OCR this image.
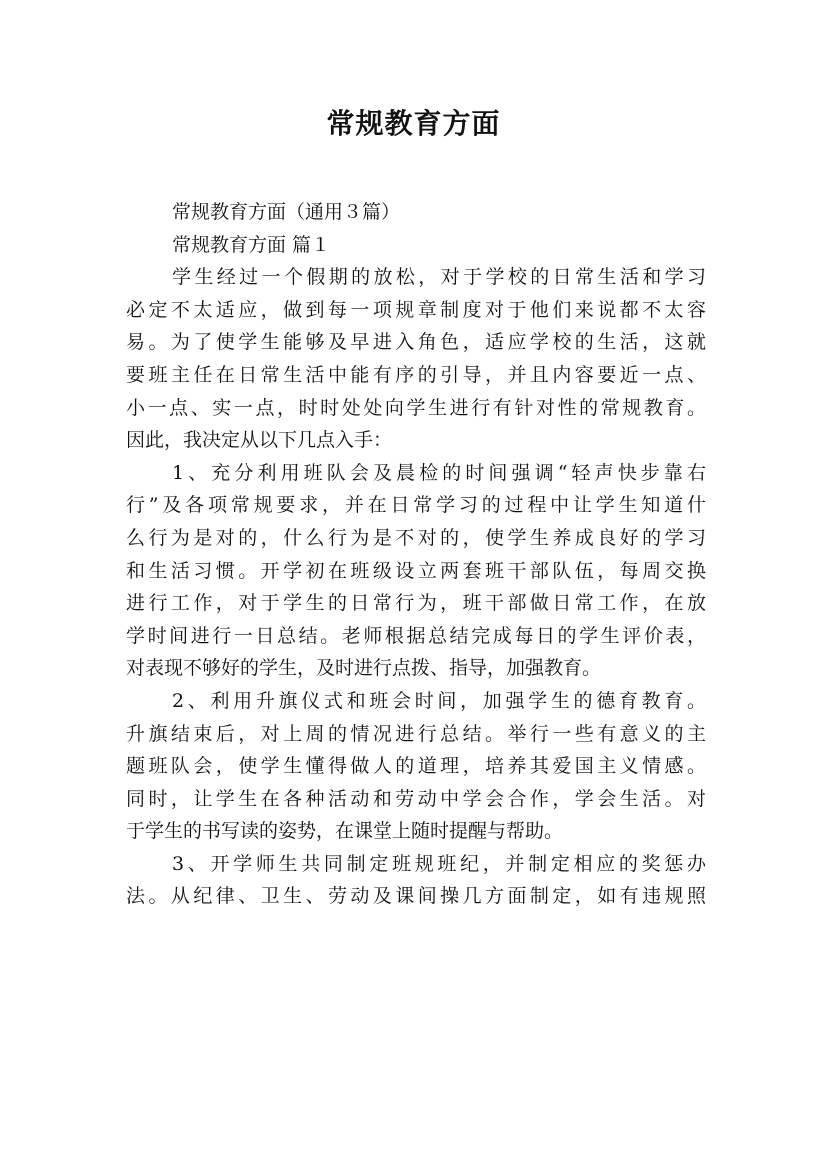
常规教育方面
常规教育方面（通用３篇）
常规教育方面 篇１
学生经过一个假期的放松，对于学校的日常生活和学习
必定不太适应，做到每一项规章制度对于他们来说都不太容
易。为了使学生能够及早进入角色，适应学校的生活，这就
要班主任在日常生活中能有序的引导，并且内容要近一点、
小一点、实一点，时时处处向学生进行有针对性的常规教育。
因此，我决定从以下几点入手：
1、充分利用班队会及晨检的时间强调“轻声快步靠右
行”及各项常规要求，并在日常学习的过程中让学生知道什
么行为是对的，什么行为是不对的，使学生养成良好的学习
和生活习惯。开学初在班级设立两套班干部队伍，每周交换
进行工作，对于学生的日常行为，班干部做日常工作，在放
学时间进行一日总结。老师根据总结完成每日的学生评价表，
对表现不够好的学生，及时进行点拨、指导，加强教育。
2、利用升旗仪式和班会时间，加强学生的德育教育。
升旗结束后，对上周的情况进行总结。举行一些有意义的主
题班队会，使学生懂得做人的道理，培养其爱国主义情感。
同时，让学生在各种活动和劳动中学会合作，学会生活。对
于学生的书写读的姿势，在课堂上随时提醒与帮助。
3、开学师生共同制定班规班纪，并制定相应的奖惩办
法。从纪律、卫生、劳动及课间操几方面制定，如有违规照
